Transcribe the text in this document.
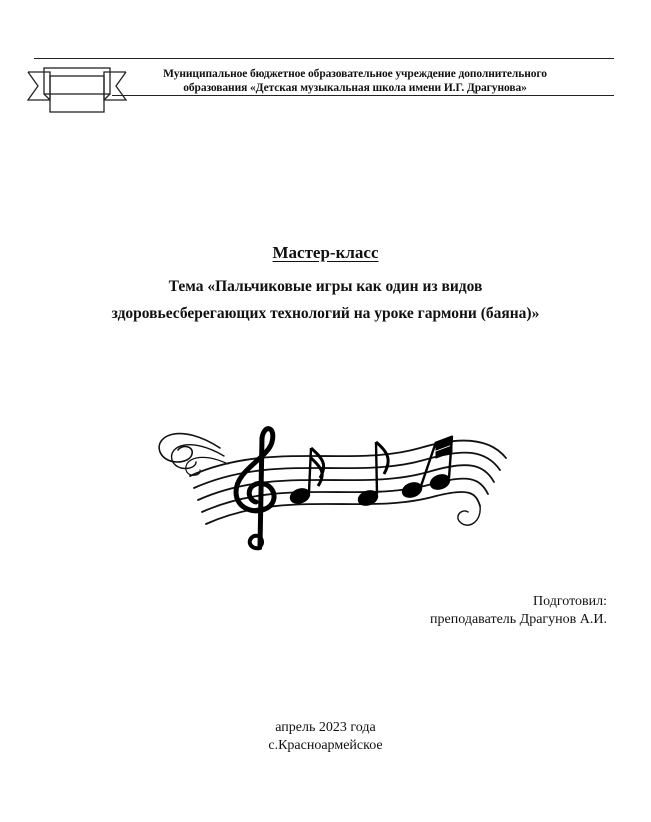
Муниципальное бюджетное образовательное учреждение дополнительного
образования «Детская музыкальная школа имени И.Г. Драгунова»
Мастер-класс
Тема «Пальчиковые игры как один из видов
здоровьесберегающих технологий на уроке гармони (баяна)»
Подготовил:
преподаватель Драгунов А.И.
апрель 2023 года
с.Красноармейское
